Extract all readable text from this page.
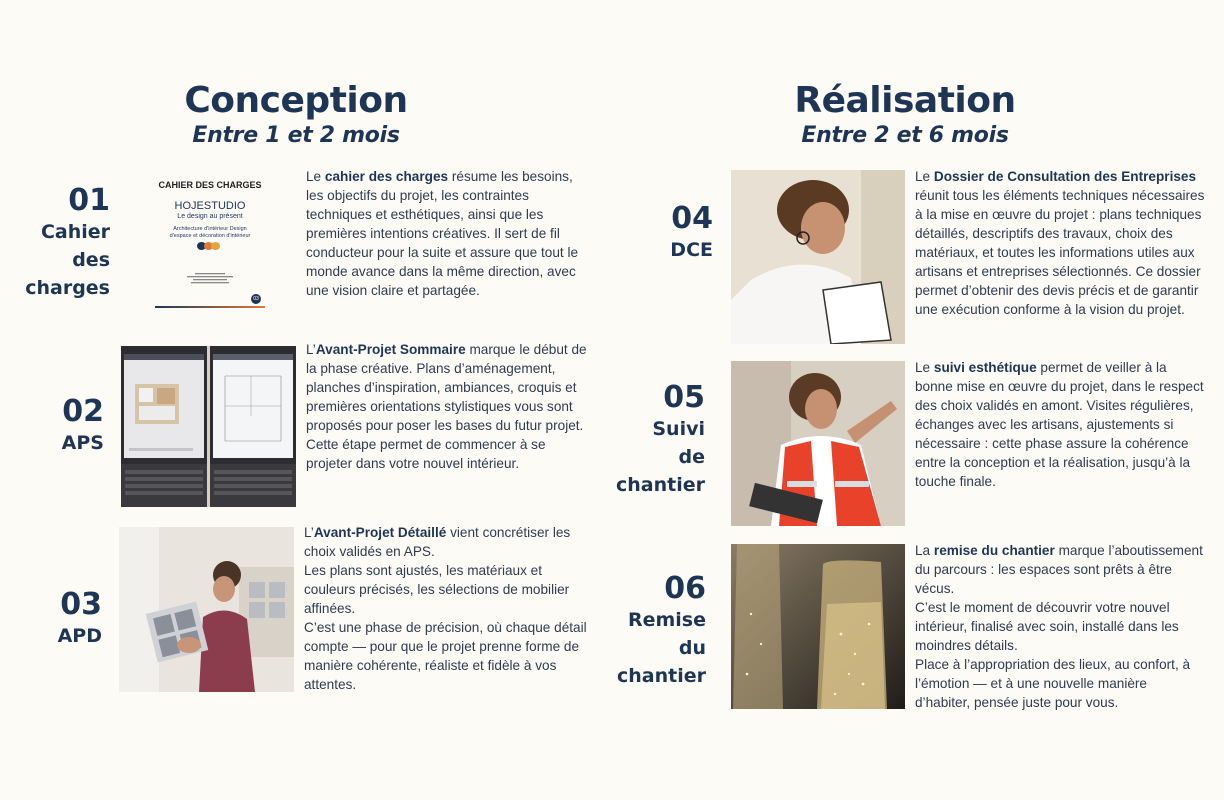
Conception
Entre 1 et 2 mois
Réalisation
Entre 2 et 6 mois
01
Cahier
des
charges
CAHIER DES CHARGES
HOJESTUDIO
Le design au présent
Architecture d'intérieur Design d'espace et décoration d'intérieur
03

Le cahier des charges résume les besoins, les objectifs du projet, les contraintes techniques et esthétiques, ainsi que les premières intentions créatives. Il sert de fil conducteur pour la suite et assure que tout le monde avance dans la même direction, avec une vision claire et partagée.

02
APS

L’Avant-Projet Sommaire marque le début de la phase créative. Plans d’aménagement, planches d’inspiration, ambiances, croquis et premières orientations stylistiques vous sont proposés pour poser les bases du futur projet. Cette étape permet de commencer à se projeter dans votre nouvel intérieur.

03
APD

L’Avant-Projet Détaillé vient concrétiser les choix validés en APS.

Les plans sont ajustés, les matériaux et couleurs précisés, les sélections de mobilier affinées.

C’est une phase de précision, où chaque détail compte — pour que le projet prenne forme de manière cohérente, réaliste et fidèle à vos attentes.

04
DCE

Le Dossier de Consultation des Entreprises réunit tous les éléments techniques nécessaires à la mise en œuvre du projet : plans techniques détaillés, descriptifs des travaux, choix des matériaux, et toutes les informations utiles aux artisans et entreprises sélectionnés. Ce dossier permet d’obtenir des devis précis et de garantir une exécution conforme à la vision du projet.

05
Suivi
de
chantier

Le suivi esthétique permet de veiller à la bonne mise en œuvre du projet, dans le respect des choix validés en amont. Visites régulières, échanges avec les artisans, ajustements si nécessaire : cette phase assure la cohérence entre la conception et la réalisation, jusqu’à la touche finale.

06
Remise
du
chantier

La remise du chantier marque l’aboutissement du parcours : les espaces sont prêts à être vécus.

C’est le moment de découvrir votre nouvel intérieur, finalisé avec soin, installé dans les moindres détails.

Place à l’appropriation des lieux, au confort, à l’émotion — et à une nouvelle manière d’habiter, pensée juste pour vous.
